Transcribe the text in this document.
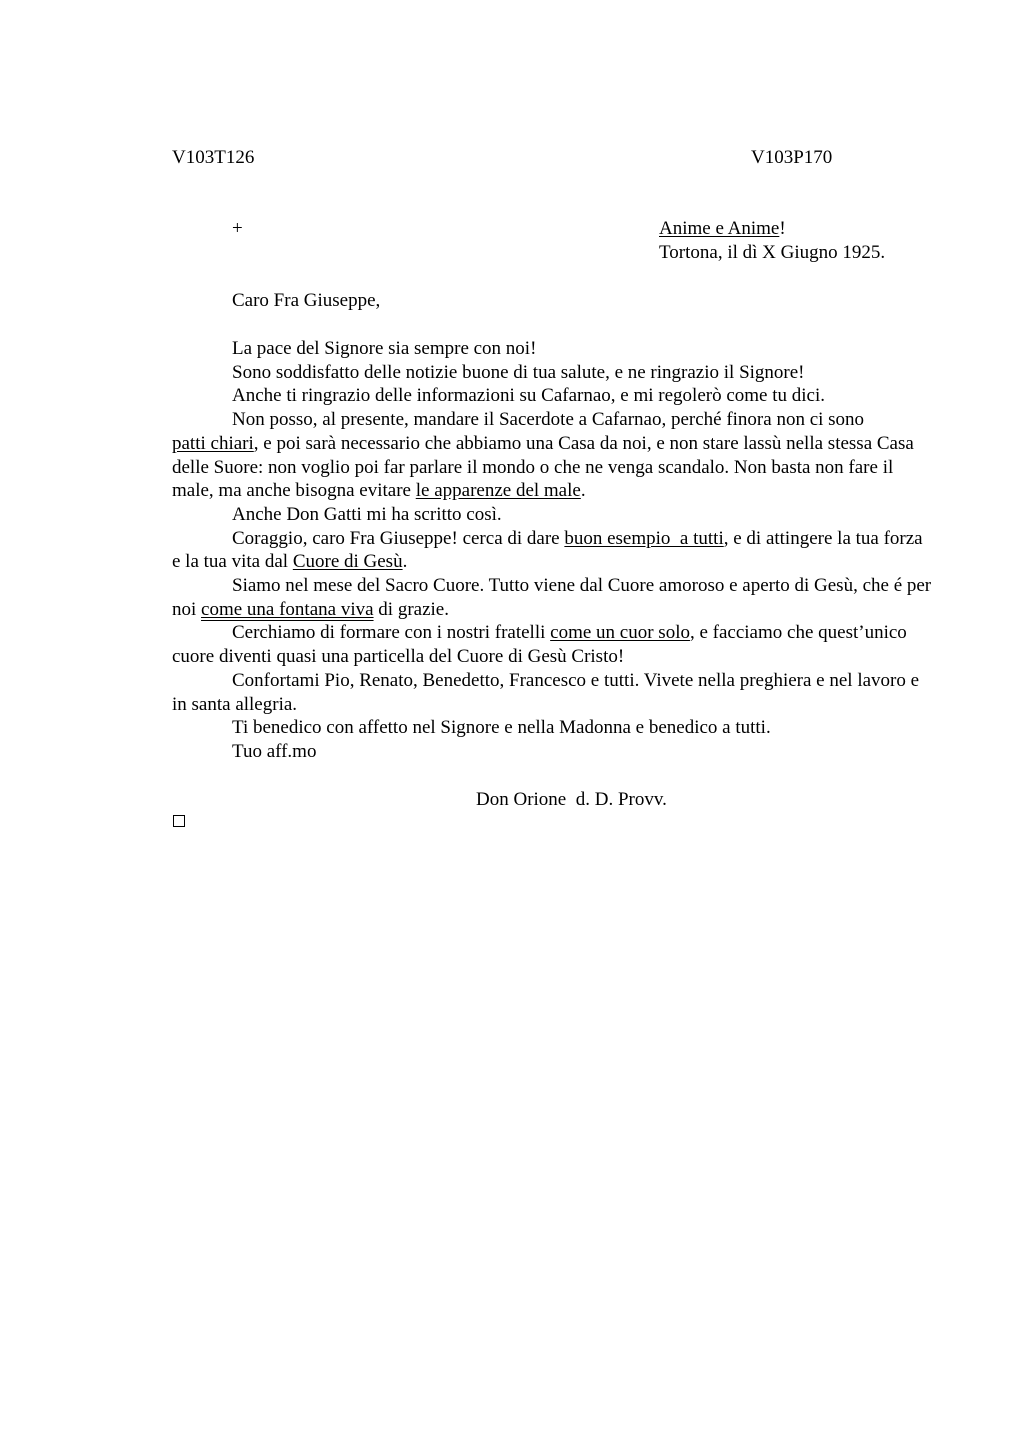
V103T126	V103P170
+	Anime e Anime!
Tortona, il dì X Giugno 1925.
Caro Fra Giuseppe,

La pace del Signore sia sempre con noi!

Sono soddisfatto delle notizie buone di tua salute, e ne ringrazio il Signore!

Anche ti ringrazio delle informazioni su Cafarnao, e mi regolerò come tu dici.

Non posso, al presente, mandare il Sacerdote a Cafarnao, perché finora non ci sono
patti chiari, e poi sarà necessario che abbiamo una Casa da noi, e non stare lassù nella stessa Casa delle Suore: non voglio poi far parlare il mondo o che ne venga scandalo. Non basta non fare il male, ma anche bisogna evitare le apparenze del male.

Anche Don Gatti mi ha scritto così.

Coraggio, caro Fra Giuseppe! cerca di dare buon esempio  a tutti, e di attingere la tua forza e la tua vita dal Cuore di Gesù.

Siamo nel mese del Sacro Cuore. Tutto viene dal Cuore amoroso e aperto di Gesù, che é per noi come una fontana viva di grazie.

Cerchiamo di formare con i nostri fratelli come un cuor solo, e facciamo che quest’unico cuore diventi quasi una particella del Cuore di Gesù Cristo!

Confortami Pio, Renato, Benedetto, Francesco e tutti. Vivete nella preghiera e nel lavoro e in santa allegria.

Ti benedico con affetto nel Signore e nella Madonna e benedico a tutti.

Tuo aff.mo

Don Orione  d. D. Provv.
